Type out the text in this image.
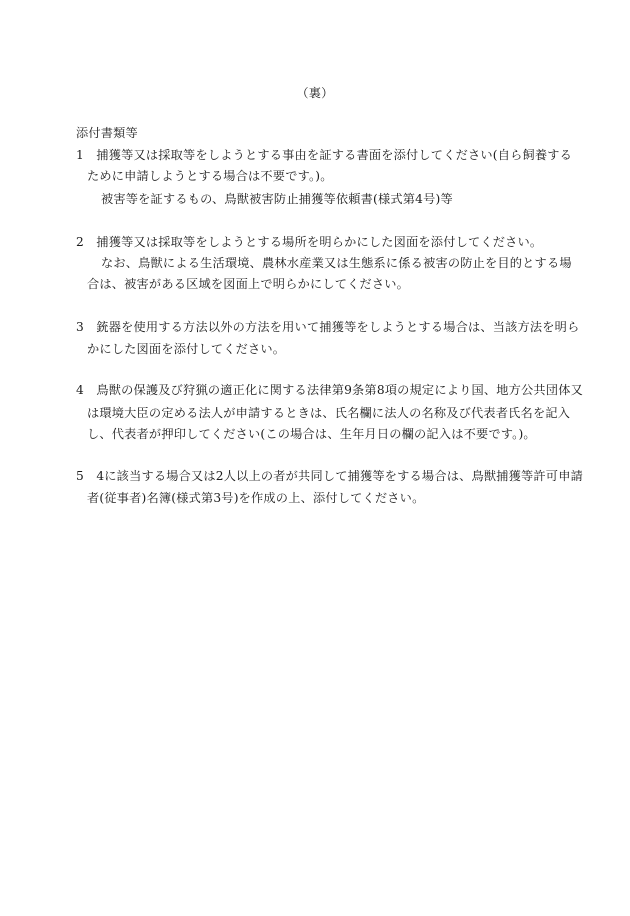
（裏）
添付書類等
1　捕獲等又は採取等をしようとする事由を証する書面を添付してください(自ら飼養する
ために申請しようとする場合は不要です。)。
被害等を証するもの、鳥獣被害防止捕獲等依頼書(様式第4号)等
2　捕獲等又は採取等をしようとする場所を明らかにした図面を添付してください。
なお、鳥獣による生活環境、農林水産業又は生態系に係る被害の防止を目的とする場
合は、被害がある区域を図面上で明らかにしてください。
3　銃器を使用する方法以外の方法を用いて捕獲等をしようとする場合は、当該方法を明ら
かにした図面を添付してください。
4　鳥獣の保護及び狩猟の適正化に関する法律第9条第8項の規定により国、地方公共団体又
は環境大臣の定める法人が申請するときは、氏名欄に法人の名称及び代表者氏名を記入
し、代表者が押印してください(この場合は、生年月日の欄の記入は不要です。)。
5　4に該当する場合又は2人以上の者が共同して捕獲等をする場合は、鳥獣捕獲等許可申請
者(従事者)名簿(様式第3号)を作成の上、添付してください。
